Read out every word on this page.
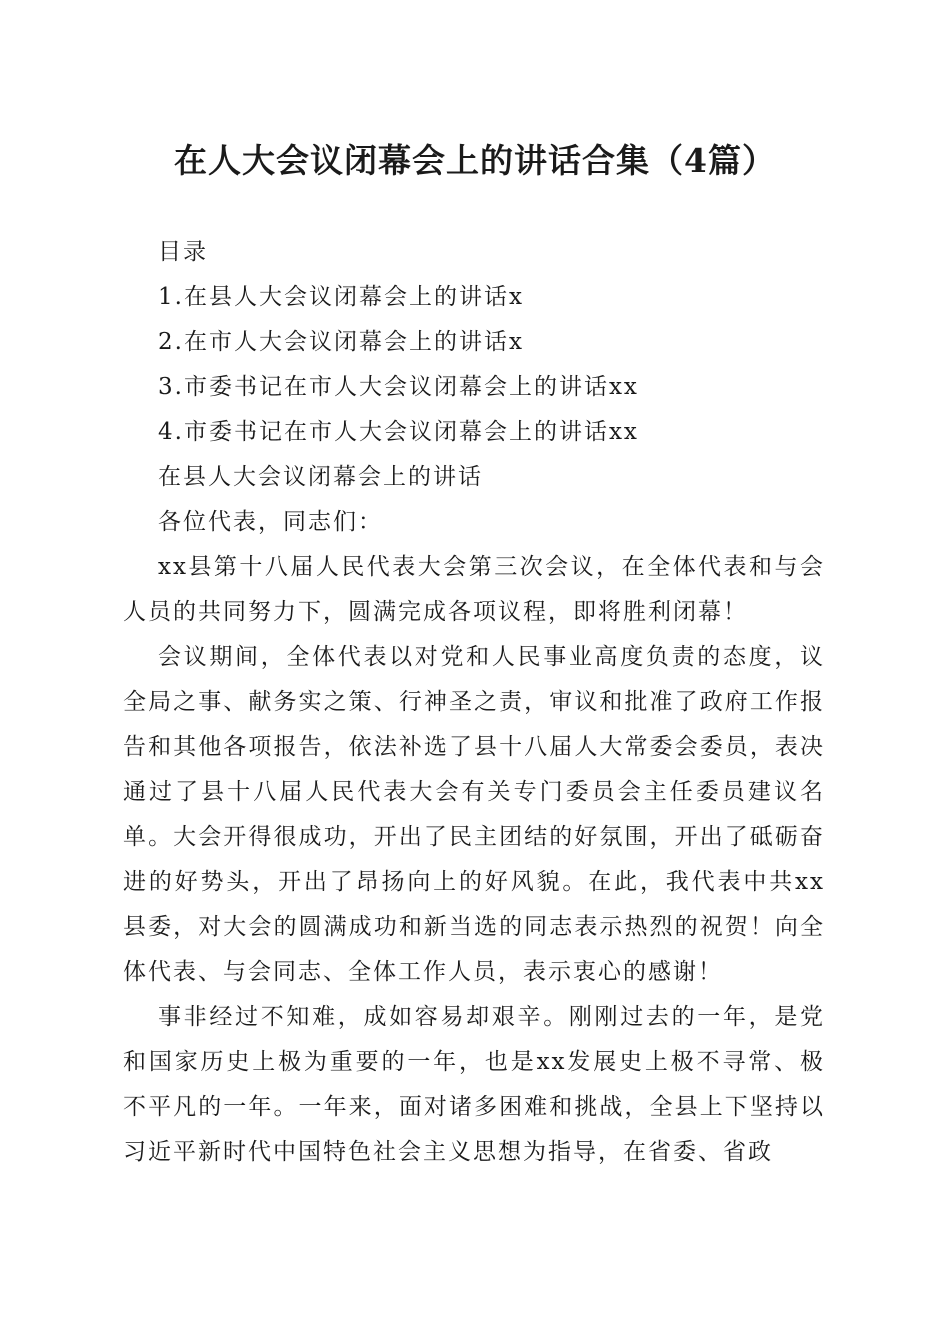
在人大会议闭幕会上的讲话合集（4篇）

目录

1.在县人大会议闭幕会上的讲话x

2.在市人大会议闭幕会上的讲话x

3.市委书记在市人大会议闭幕会上的讲话xx

4.市委书记在市人大会议闭幕会上的讲话xx

在县人大会议闭幕会上的讲话

各位代表，同志们：

xx县第十八届人民代表大会第三次会议，在全体代表和与会人员的共同努力下，圆满完成各项议程，即将胜利闭幕！

会议期间，全体代表以对党和人民事业高度负责的态度，议全局之事、献务实之策、行神圣之责，审议和批准了政府工作报告和其他各项报告，依法补选了县十八届人大常委会委员，表决通过了县十八届人民代表大会有关专门委员会主任委员建议名单。大会开得很成功，开出了民主团结的好氛围，开出了砥砺奋进的好势头，开出了昂扬向上的好风貌。在此，我代表中共xx县委，对大会的圆满成功和新当选的同志表示热烈的祝贺！向全体代表、与会同志、全体工作人员，表示衷心的感谢！

事非经过不知难，成如容易却艰辛。刚刚过去的一年，是党和国家历史上极为重要的一年，也是xx发展史上极不寻常、极不平凡的一年。一年来，面对诸多困难和挑战，全县上下坚持以习近平新时代中国特色社会主义思想为指导，在省委、省政
